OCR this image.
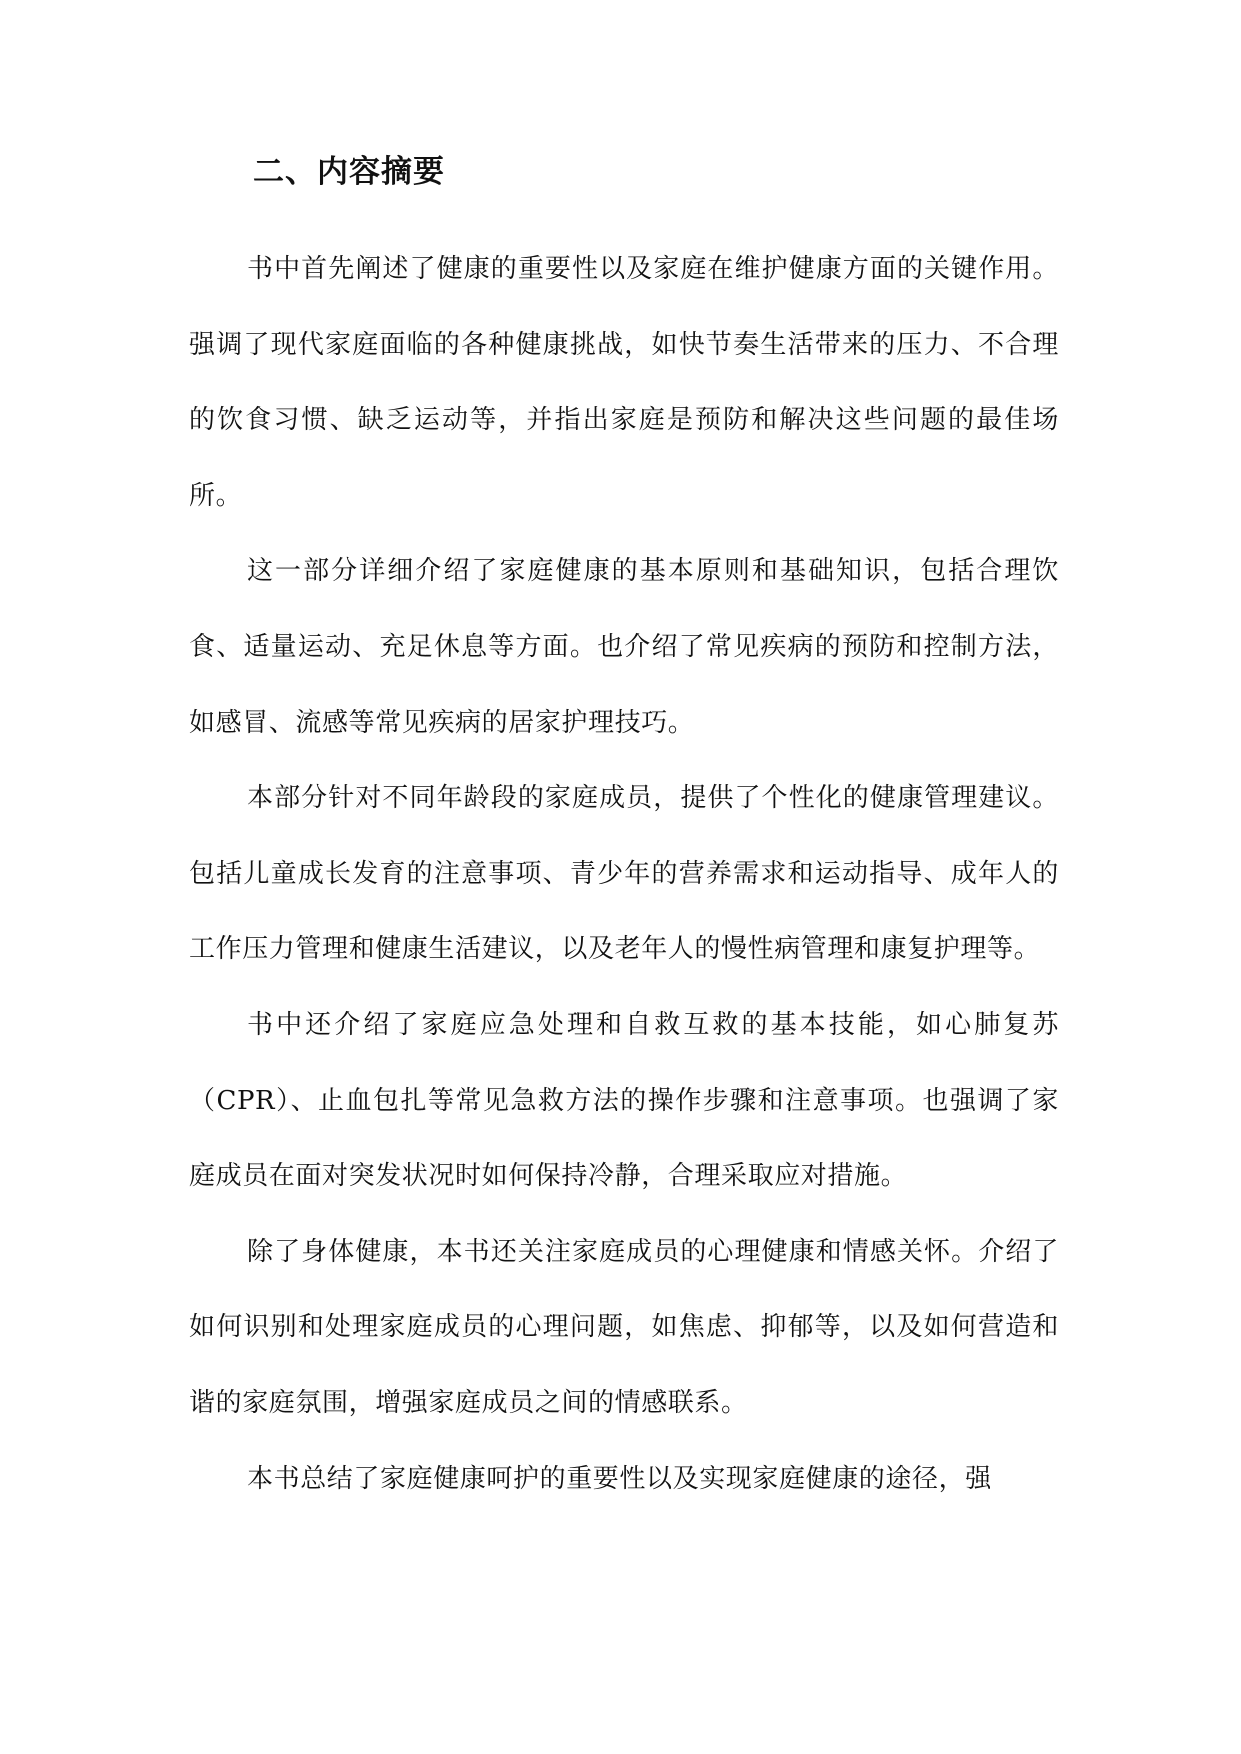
二、内容摘要

书中首先阐述了健康的重要性以及家庭在维护健康方面的关键作用。强调了现代家庭面临的各种健康挑战，如快节奏生活带来的压力、不合理的饮食习惯、缺乏运动等，并指出家庭是预防和解决这些问题的最佳场所。

这一部分详细介绍了家庭健康的基本原则和基础知识，包括合理饮食、适量运动、充足休息等方面。也介绍了常见疾病的预防和控制方法，如感冒、流感等常见疾病的居家护理技巧。

本部分针对不同年龄段的家庭成员，提供了个性化的健康管理建议。包括儿童成长发育的注意事项、青少年的营养需求和运动指导、成年人的工作压力管理和健康生活建议，以及老年人的慢性病管理和康复护理等。

书中还介绍了家庭应急处理和自救互救的基本技能，如心肺复苏（CPR）、止血包扎等常见急救方法的操作步骤和注意事项。也强调了家庭成员在面对突发状况时如何保持冷静，合理采取应对措施。

除了身体健康，本书还关注家庭成员的心理健康和情感关怀。介绍了如何识别和处理家庭成员的心理问题，如焦虑、抑郁等，以及如何营造和谐的家庭氛围，增强家庭成员之间的情感联系。

本书总结了家庭健康呵护的重要性以及实现家庭健康的途径，强
